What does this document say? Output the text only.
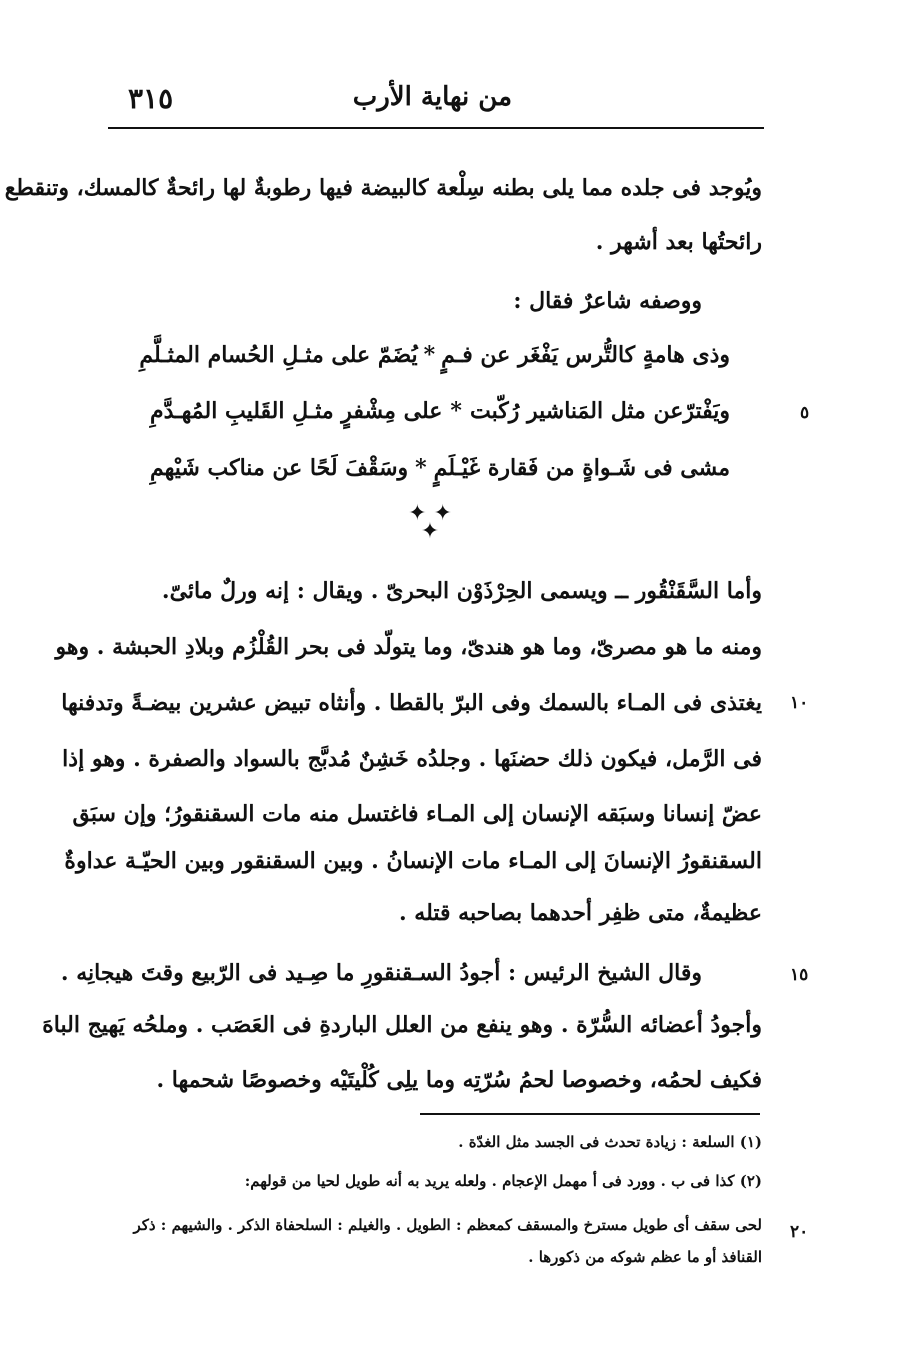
٣١٥	من نهاية الأرب
ويُوجد فى جلده مما يلى بطنه سِلْعة كالبيضة فيها رطوبةٌ لها رائحةٌ كالمسك، وتنقطع
رائحتُها بعد أشهر .
ووصفه شاعرٌ فقال :
وذى هامةٍ كالتُّرس يَفْغَر عن فـمٍ
*
يُضَمّ على مثـلِ الحُسام المثـلَّمِ
ويَفْترّعن مثل المَناشير رُكّبت
*
على مِشْفرٍ مثـلِ القَليبِ المُهـدَّمِ
مشى فى شَـواةٍ من فَقارة غَيْـلَمٍ
*
وسَقْفَ لَحًا عن مناكب شَيْهمِ
✦ ✦ ✦
وأما السَّقَنْقُور ــ ويسمى الحِرْذَوْن البحرىّ . ويقال : إنه ورلٌ مائىّ.
ومنه ما هو مصرىّ، وما هو هندىّ، وما يتولّد فى بحر القُلْزُم وبلادِ الحبشة . وهو
يغتذى فى المـاء بالسمك وفى البرّ بالقطا . وأنثاه تبيض عشرين بيضـةً وتدفنها
فى الرَّمل، فيكون ذلك حضنَها . وجلدُه خَشِنٌ مُدبَّج بالسواد والصفرة . وهو إذا
عضّ إنسانا وسبَقه الإنسان إلى المـاء فاغتسل منه مات السقنقورُ؛ وإن سبَق
السقنقورُ الإنسانَ إلى المـاء مات الإنسانُ . وبين السقنقور وبين الحيّـة عداوةٌ
عظيمةٌ، متى ظفِر أحدهما بصاحبه قتله .
وقال الشيخ الرئيس : أجودُ السـقنقورِ ما صِـيد فى الرّبيع وقتَ هيجانِه .
وأجودُ أعضائه السُّرّة . وهو ينفع من العلل الباردةِ فى العَصَب . وملحُه يَهيج الباهَ
فكيف لحمُه، وخصوصا لحمُ سُرّتِه وما يلِى كُلْيتَيْه وخصوصًا شحمها .
٥
١٠
١٥
٢٠
(١) السلعة : زيادة تحدث فى الجسد مثل الغدّة .
(٢) كذا فى ب . وورد فى أ مهمل الإعجام . ولعله يريد به أنه طويل لحيا من قولهم:
لحى سقف أى طويل مسترخ والمسقف كمعظم : الطويل . والغيلم : السلحفاة الذكر . والشيهم : ذكر
القنافذ أو ما عظم شوكه من ذكورها .
